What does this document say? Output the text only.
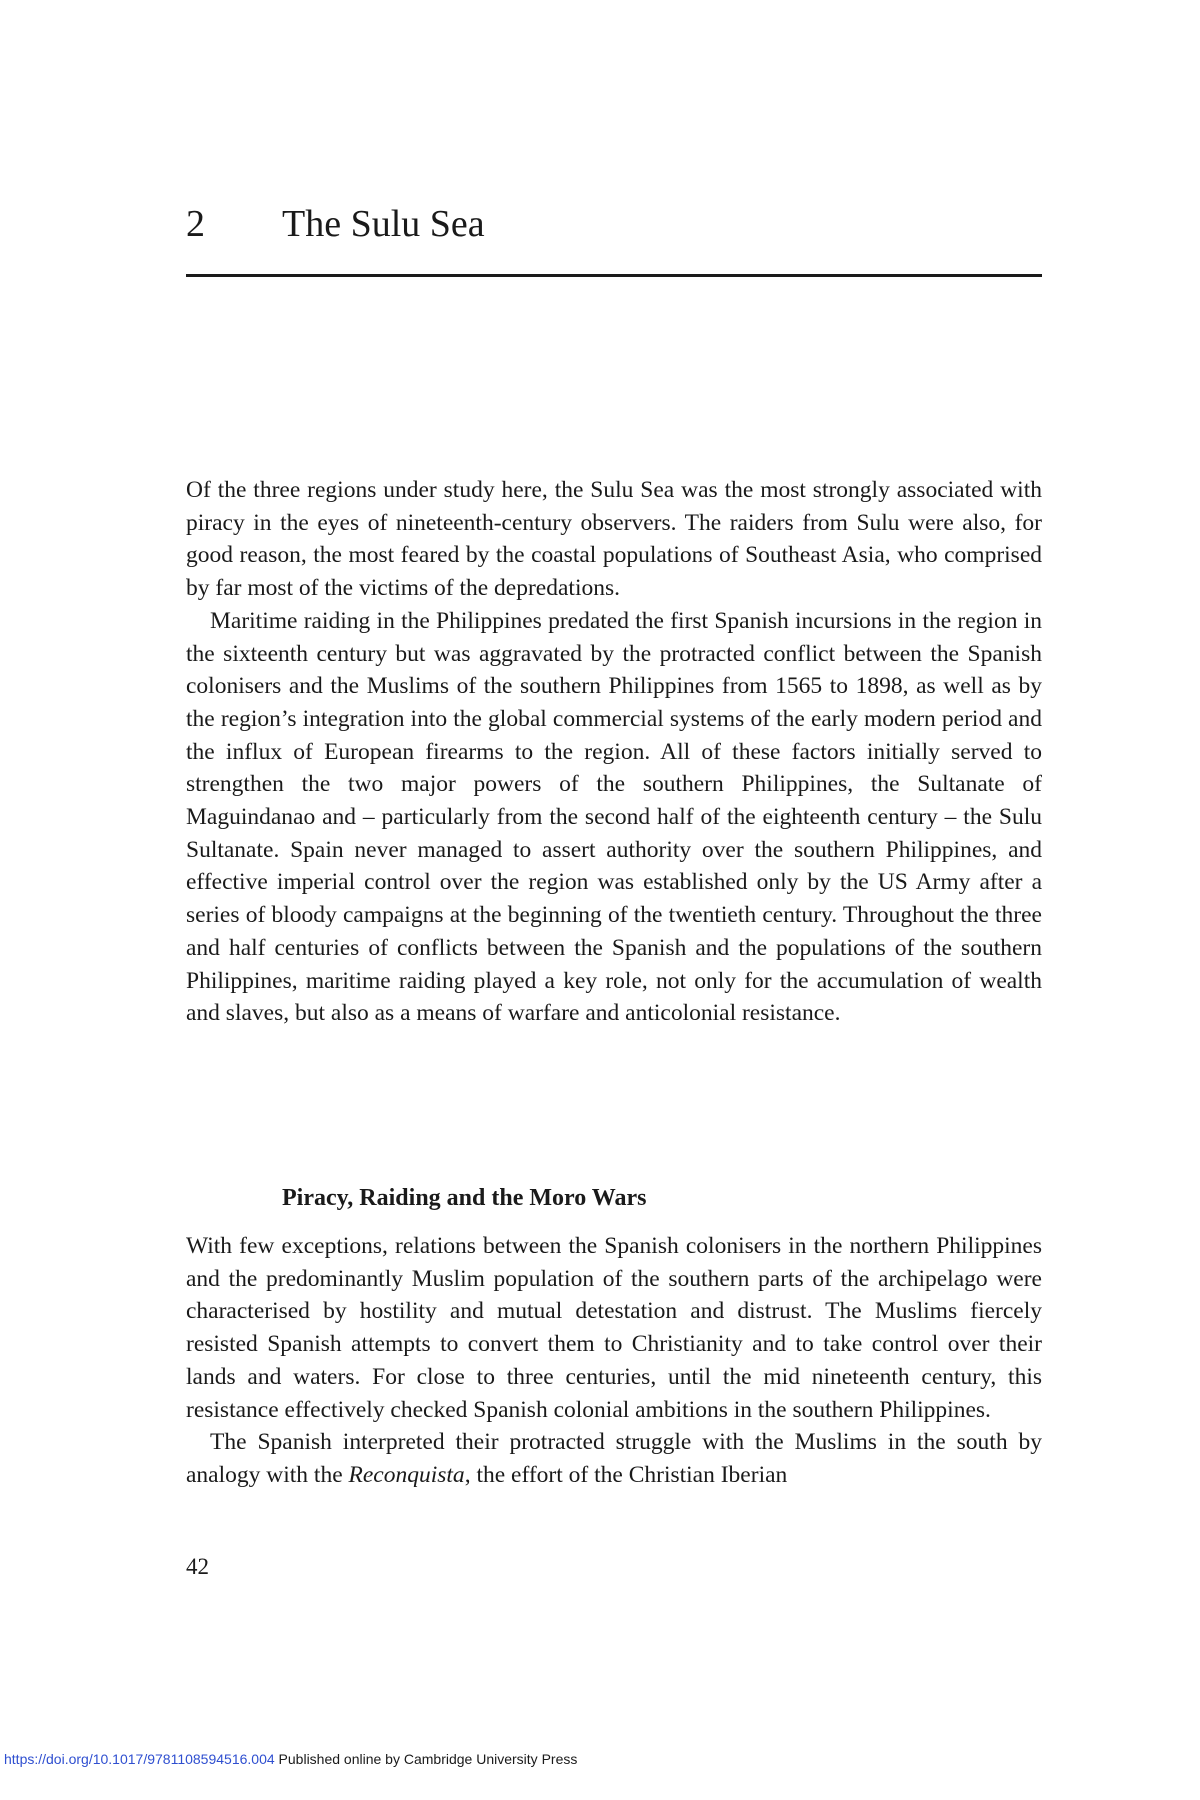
2 The Sulu Sea

Of the three regions under study here, the Sulu Sea was the most strongly associated with piracy in the eyes of nineteenth-century observers. The raiders from Sulu were also, for good reason, the most feared by the coastal populations of Southeast Asia, who comprised by far most of the victims of the depredations.

Maritime raiding in the Philippines predated the first Spanish incursions in the region in the sixteenth century but was aggravated by the protracted conflict between the Spanish colonisers and the Muslims of the southern Philippines from 1565 to 1898, as well as by the region’s integration into the global commercial systems of the early modern period and the influx of European firearms to the region. All of these factors initially served to strengthen the two major powers of the southern Philippines, the Sultanate of Maguindanao and – particularly from the second half of the eighteenth century – the Sulu Sultanate. Spain never managed to assert authority over the southern Philippines, and effective imperial control over the region was established only by the US Army after a series of bloody campaigns at the beginning of the twentieth century. Throughout the three and half centuries of conflicts between the Spanish and the populations of the southern Philippines, maritime raiding played a key role, not only for the accumulation of wealth and slaves, but also as a means of warfare and anticolonial resistance.

Piracy, Raiding and the Moro Wars

With few exceptions, relations between the Spanish colonisers in the northern Philippines and the predominantly Muslim population of the southern parts of the archipelago were characterised by hostility and mutual detestation and distrust. The Muslims fiercely resisted Spanish attempts to convert them to Christianity and to take control over their lands and waters. For close to three centuries, until the mid nineteenth century, this resistance effectively checked Spanish colonial ambitions in the southern Philippines.

The Spanish interpreted their protracted struggle with the Muslims in the south by analogy with the Reconquista, the effort of the Christian Iberian

42
https://doi.org/10.1017/9781108594516.004 Published online by Cambridge University Press
